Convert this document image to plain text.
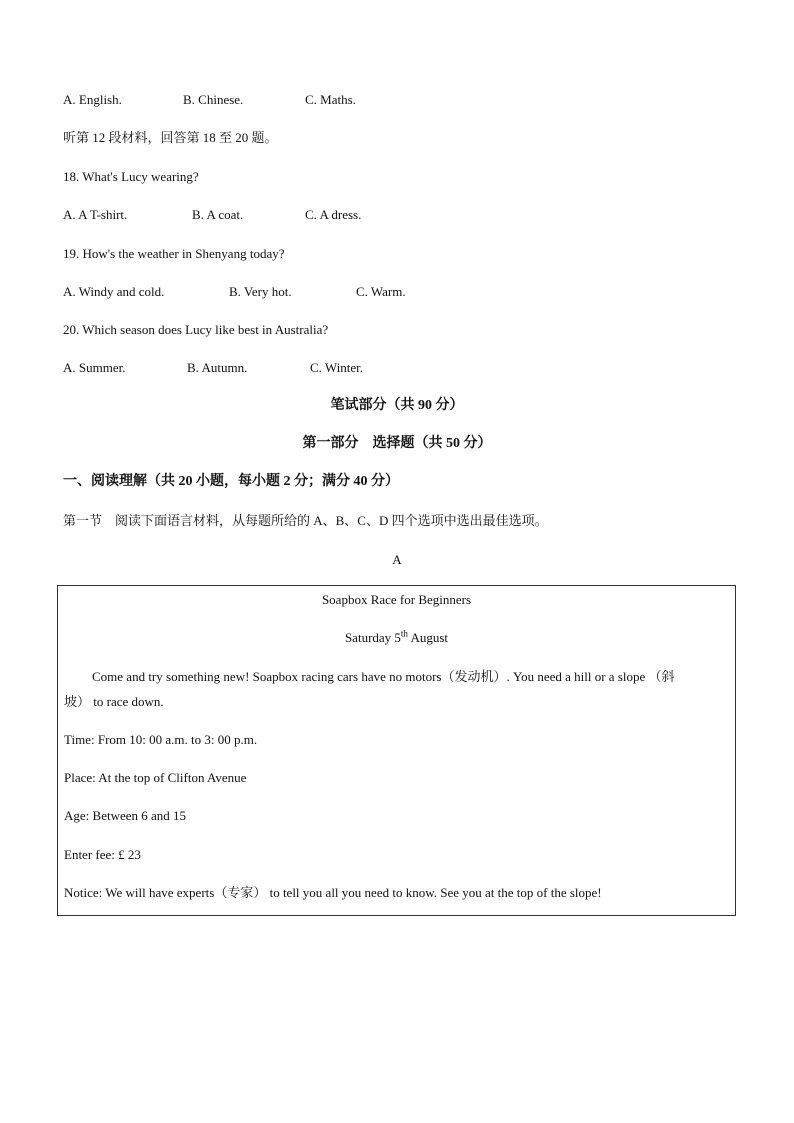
A. English.	B. Chinese.	C. Maths.
听第 12 段材料，回答第 18 至 20 题。
18. What's Lucy wearing?
A. A T-shirt.	B. A coat.	C. A dress.
19. How's the weather in Shenyang today?
A. Windy and cold.	B. Very hot.	C. Warm.
20. Which season does Lucy like best in Australia?
A. Summer.	B. Autumn.	C. Winter.
笔试部分（共 90 分）
第一部分　选择题（共 50 分）
一、阅读理解（共 20 小题，每小题 2 分；满分 40 分）
第一节　阅读下面语言材料，从每题所给的 A、B、C、D 四个选项中选出最佳选项。
A
Soapbox Race for Beginners
Saturday 5th August
Come and try something new! Soapbox racing cars have no motors（发动机）. You need a hill or a slope （斜
坡） to race down.
Time: From 10: 00 a.m. to 3: 00 p.m.
Place: At the top of Clifton Avenue
Age: Between 6 and 15
Enter fee: £ 23
Notice: We will have experts（专家） to tell you all you need to know. See you at the top of the slope!
